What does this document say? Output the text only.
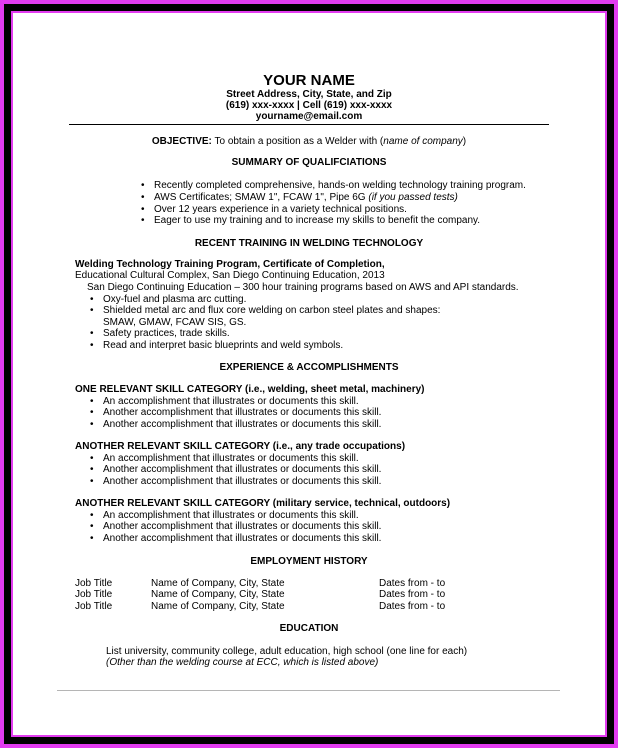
YOUR NAME
Street Address, City, State, and Zip
(619) xxx-xxxx | Cell (619) xxx-xxxx
yourname@email.com
OBJECTIVE: To obtain a position as a Welder with (name of company)
SUMMARY OF QUALIFCIATIONS
• Recently completed comprehensive, hands-on welding technology training program.
• AWS Certificates; SMAW 1", FCAW 1", Pipe 6G (if you passed tests)
• Over 12 years experience in a variety technical positions.
• Eager to use my training and to increase my skills to benefit the company.
RECENT TRAINING IN WELDING TECHNOLOGY
Welding Technology Training Program, Certificate of Completion,
Educational Cultural Complex, San Diego Continuing Education, 2013
San Diego Continuing Education – 300 hour training programs based on AWS and API standards.
• Oxy-fuel and plasma arc cutting.
• Shielded metal arc and flux core welding on carbon steel plates and shapes:
SMAW, GMAW, FCAW SIS, GS.
• Safety practices, trade skills.
• Read and interpret basic blueprints and weld symbols.
EXPERIENCE & ACCOMPLISHMENTS
ONE RELEVANT SKILL CATEGORY (i.e., welding, sheet metal, machinery)
• An accomplishment that illustrates or documents this skill.
• Another accomplishment that illustrates or documents this skill.
• Another accomplishment that illustrates or documents this skill.
ANOTHER RELEVANT SKILL CATEGORY (i.e., any trade occupations)
• An accomplishment that illustrates or documents this skill.
• Another accomplishment that illustrates or documents this skill.
• Another accomplishment that illustrates or documents this skill.
ANOTHER RELEVANT SKILL CATEGORY (military service, technical, outdoors)
• An accomplishment that illustrates or documents this skill.
• Another accomplishment that illustrates or documents this skill.
• Another accomplishment that illustrates or documents this skill.
EMPLOYMENT HISTORY
Job Title	Name of Company, City, State	Dates from - to
Job Title	Name of Company, City, State	Dates from - to
Job Title	Name of Company, City, State	Dates from - to
EDUCATION
List university, community college, adult education, high school (one line for each)
(Other than the welding course at ECC, which is listed above)
